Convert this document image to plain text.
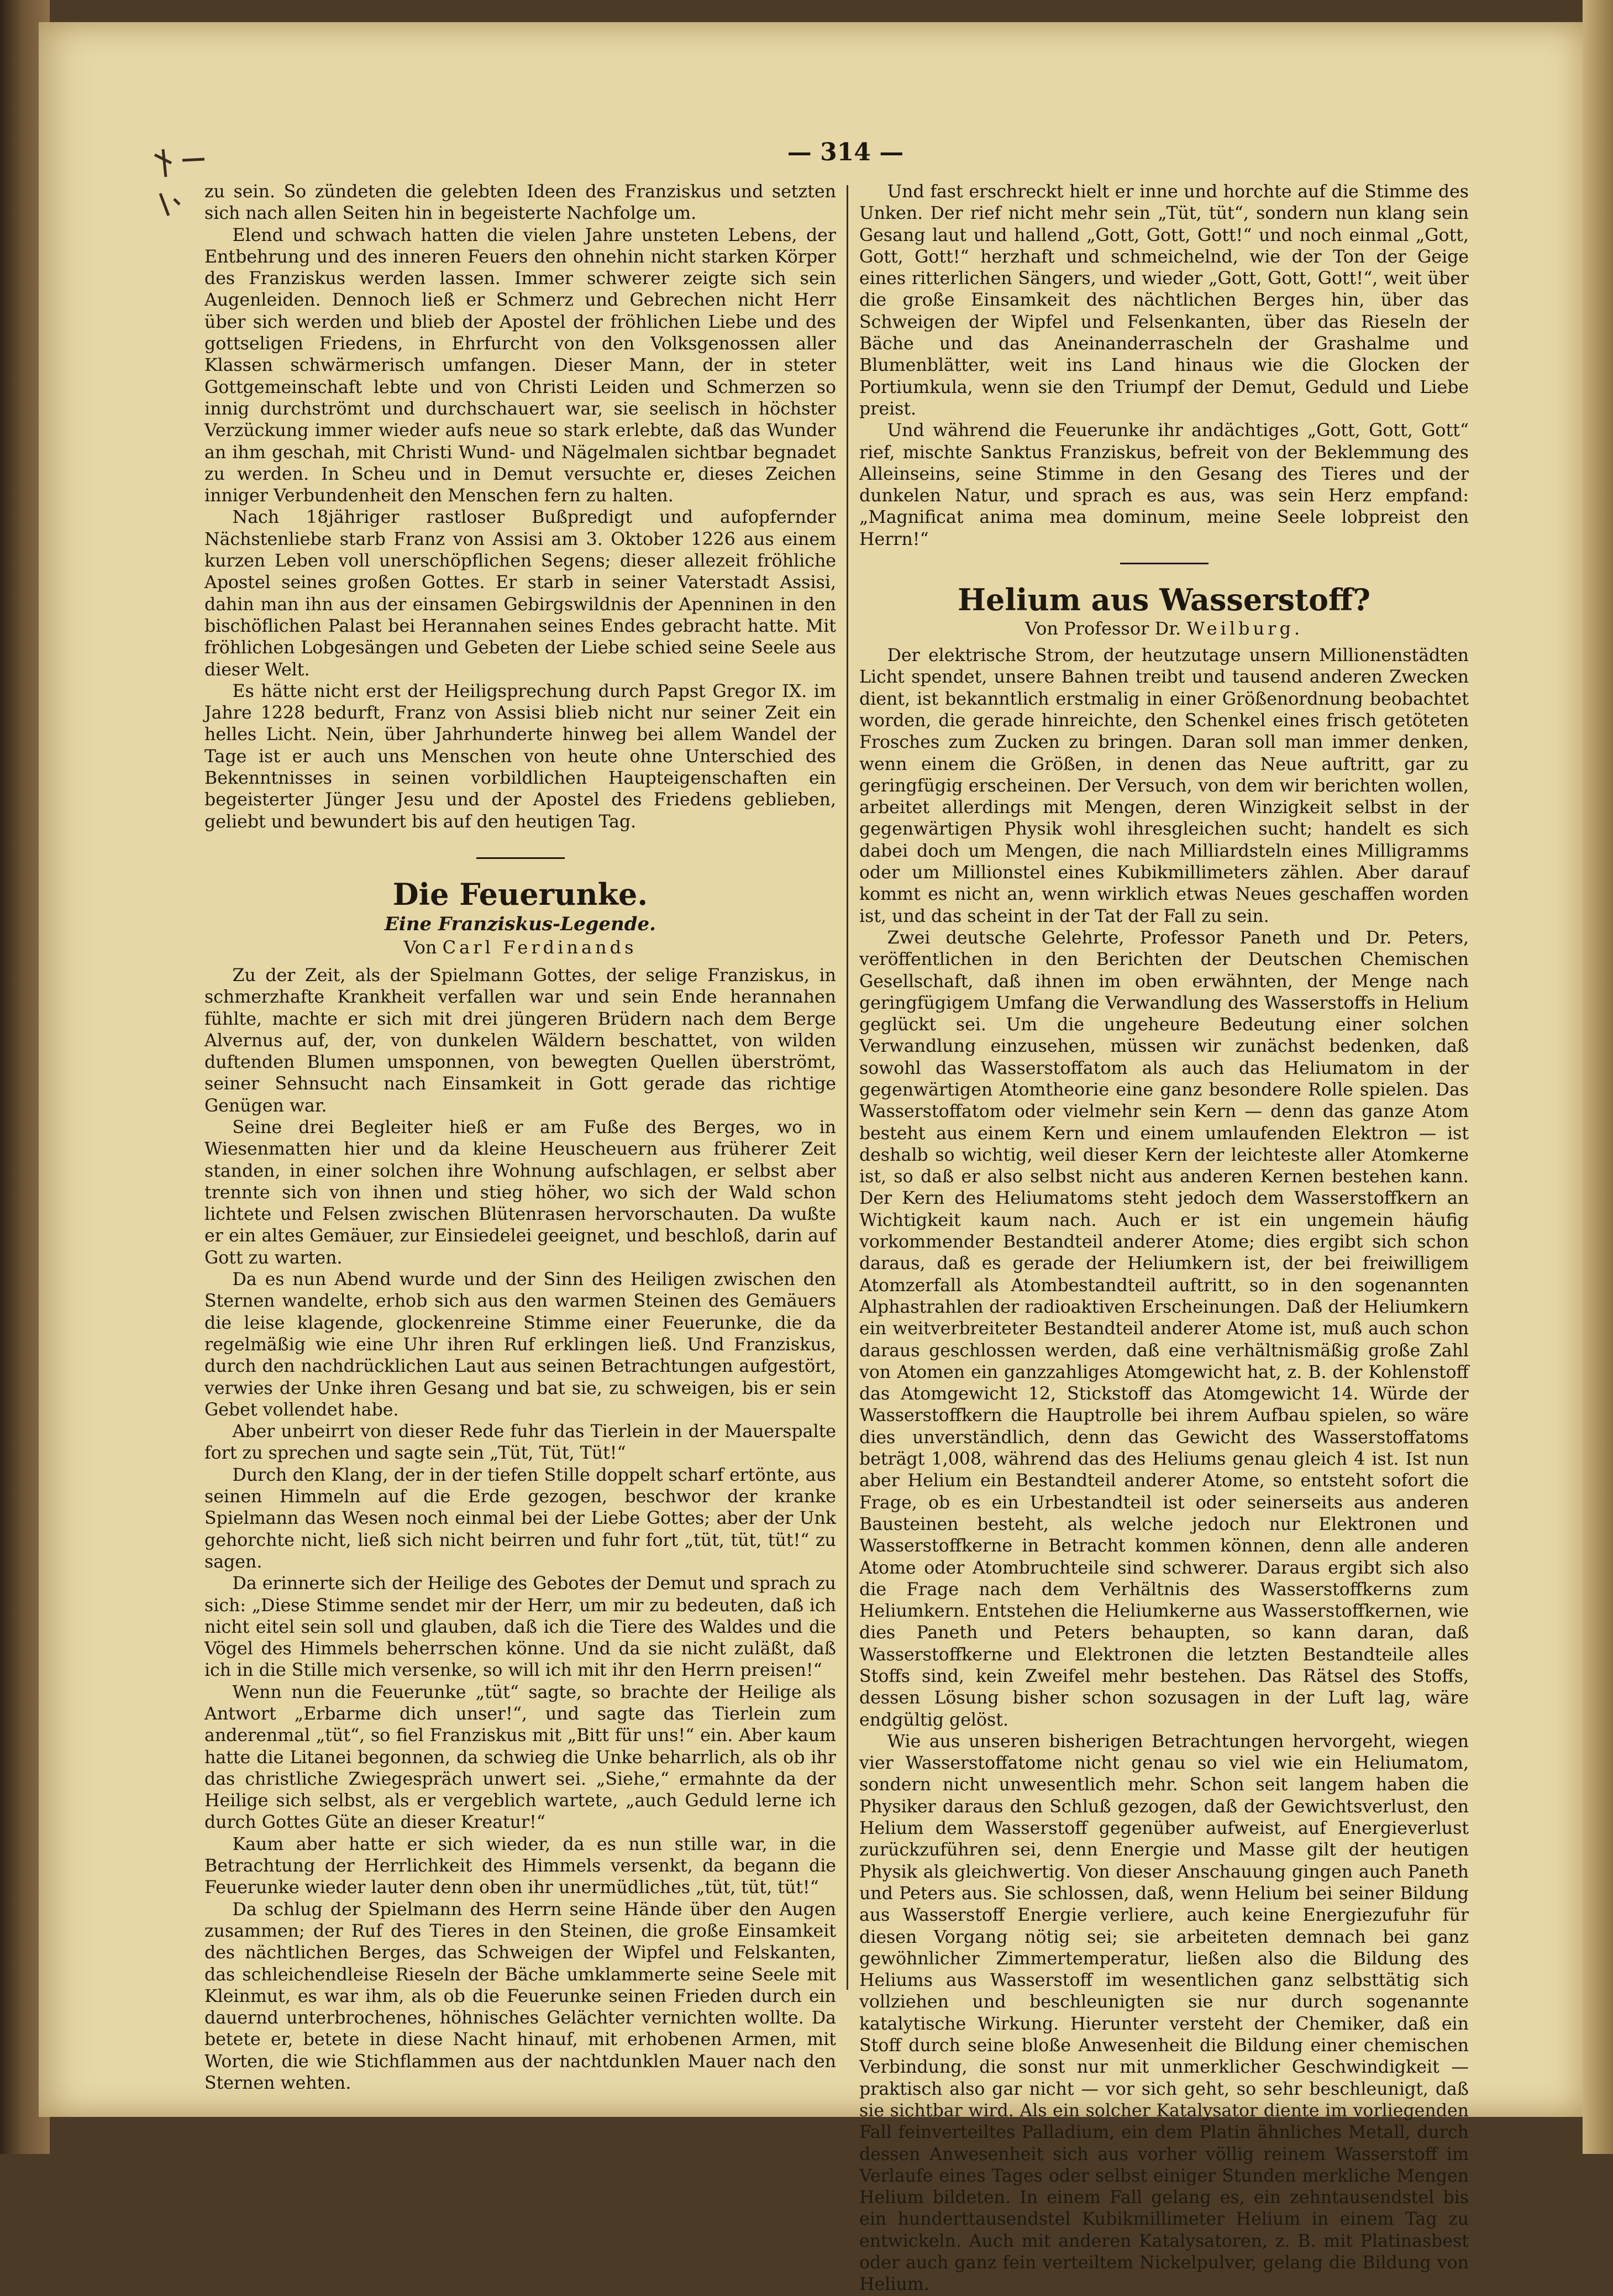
— 314 —

zu sein. So zündeten die gelebten Ideen des Franziskus und setzten sich nach allen Seiten hin in begeisterte Nachfolge um.

Elend und schwach hatten die vielen Jahre unsteten Lebens, der Entbehrung und des inneren Feuers den ohnehin nicht starken Körper des Franziskus werden lassen. Immer schwerer zeigte sich sein Augenleiden. Dennoch ließ er Schmerz und Gebrechen nicht Herr über sich werden und blieb der Apostel der fröhlichen Liebe und des gottseligen Friedens, in Ehrfurcht von den Volksgenossen aller Klassen schwärmerisch umfangen. Dieser Mann, der in steter Gottgemeinschaft lebte und von Christi Leiden und Schmerzen so innig durchströmt und durchschauert war, sie seelisch in höchster Verzückung immer wieder aufs neue so stark erlebte, daß das Wunder an ihm geschah, mit Christi Wund- und Nägelmalen sichtbar begnadet zu werden. In Scheu und in Demut versuchte er, dieses Zeichen inniger Verbundenheit den Menschen fern zu halten.

Nach 18jähriger rastloser Bußpredigt und aufopfernder Nächstenliebe starb Franz von Assisi am 3. Oktober 1226 aus einem kurzen Leben voll unerschöpflichen Segens; dieser allezeit fröhliche Apostel seines großen Gottes. Er starb in seiner Vaterstadt Assisi, dahin man ihn aus der einsamen Gebirgswildnis der Apenninen in den bischöflichen Palast bei Herannahen seines Endes gebracht hatte. Mit fröhlichen Lobgesängen und Gebeten der Liebe schied seine Seele aus dieser Welt.

Es hätte nicht erst der Heiligsprechung durch Papst Gregor IX. im Jahre 1228 bedurft, Franz von Assisi blieb nicht nur seiner Zeit ein helles Licht. Nein, über Jahrhunderte hinweg bei allem Wandel der Tage ist er auch uns Menschen von heute ohne Unterschied des Bekenntnisses in seinen vorbildlichen Haupteigenschaften ein begeisterter Jünger Jesu und der Apostel des Friedens geblieben, geliebt und bewundert bis auf den heutigen Tag.

Die Feuerunke.
Eine Franziskus-Legende.
Von Carl Ferdinands

Zu der Zeit, als der Spielmann Gottes, der selige Franziskus, in schmerzhafte Krankheit verfallen war und sein Ende herannahen fühlte, machte er sich mit drei jüngeren Brüdern nach dem Berge Alvernus auf, der, von dunkelen Wäldern beschattet, von wilden duftenden Blumen umsponnen, von bewegten Quellen überströmt, seiner Sehnsucht nach Einsamkeit in Gott gerade das richtige Genügen war.

Seine drei Begleiter hieß er am Fuße des Berges, wo in Wiesenmatten hier und da kleine Heuscheuern aus früherer Zeit standen, in einer solchen ihre Wohnung aufschlagen, er selbst aber trennte sich von ihnen und stieg höher, wo sich der Wald schon lichtete und Felsen zwischen Blütenrasen hervorschauten. Da wußte er ein altes Gemäuer, zur Einsiedelei geeignet, und beschloß, darin auf Gott zu warten.

Da es nun Abend wurde und der Sinn des Heiligen zwischen den Sternen wandelte, erhob sich aus den warmen Steinen des Gemäuers die leise klagende, glockenreine Stimme einer Feuerunke, die da regelmäßig wie eine Uhr ihren Ruf erklingen ließ. Und Franziskus, durch den nachdrücklichen Laut aus seinen Betrachtungen aufgestört, verwies der Unke ihren Gesang und bat sie, zu schweigen, bis er sein Gebet vollendet habe.

Aber unbeirrt von dieser Rede fuhr das Tierlein in der Mauerspalte fort zu sprechen und sagte sein „Tüt, Tüt, Tüt!“

Durch den Klang, der in der tiefen Stille doppelt scharf ertönte, aus seinen Himmeln auf die Erde gezogen, beschwor der kranke Spielmann das Wesen noch einmal bei der Liebe Gottes; aber der Unk gehorchte nicht, ließ sich nicht beirren und fuhr fort „tüt, tüt, tüt!“ zu sagen.

Da erinnerte sich der Heilige des Gebotes der Demut und sprach zu sich: „Diese Stimme sendet mir der Herr, um mir zu bedeuten, daß ich nicht eitel sein soll und glauben, daß ich die Tiere des Waldes und die Vögel des Himmels beherrschen könne. Und da sie nicht zuläßt, daß ich in die Stille mich versenke, so will ich mit ihr den Herrn preisen!“

Wenn nun die Feuerunke „tüt“ sagte, so brachte der Heilige als Antwort „Erbarme dich unser!“, und sagte das Tierlein zum anderenmal „tüt“, so fiel Franziskus mit „Bitt für uns!“ ein. Aber kaum hatte die Litanei begonnen, da schwieg die Unke beharrlich, als ob ihr das christliche Zwiegespräch unwert sei. „Siehe,“ ermahnte da der Heilige sich selbst, als er vergeblich wartete, „auch Geduld lerne ich durch Gottes Güte an dieser Kreatur!“

Kaum aber hatte er sich wieder, da es nun stille war, in die Betrachtung der Herrlichkeit des Himmels versenkt, da begann die Feuerunke wieder lauter denn oben ihr unermüdliches „tüt, tüt, tüt!“

Da schlug der Spielmann des Herrn seine Hände über den Augen zusammen; der Ruf des Tieres in den Steinen, die große Einsamkeit des nächtlichen Berges, das Schweigen der Wipfel und Felskanten, das schleichendleise Rieseln der Bäche umklammerte seine Seele mit Kleinmut, es war ihm, als ob die Feuerunke seinen Frieden durch ein dauernd unterbrochenes, höhnisches Gelächter vernichten wollte. Da betete er, betete in diese Nacht hinauf, mit erhobenen Armen, mit Worten, die wie Stichflammen aus der nachtdunklen Mauer nach den Sternen wehten.

Und fast erschreckt hielt er inne und horchte auf die Stimme des Unken. Der rief nicht mehr sein „Tüt, tüt“, sondern nun klang sein Gesang laut und hallend „Gott, Gott, Gott!“ und noch einmal „Gott, Gott, Gott!“ herzhaft und schmeichelnd, wie der Ton der Geige eines ritterlichen Sängers, und wieder „Gott, Gott, Gott!“, weit über die große Einsamkeit des nächtlichen Berges hin, über das Schweigen der Wipfel und Felsenkanten, über das Rieseln der Bäche und das Aneinanderrascheln der Grashalme und Blumenblätter, weit ins Land hinaus wie die Glocken der Portiumkula, wenn sie den Triumpf der Demut, Geduld und Liebe preist.

Und während die Feuerunke ihr andächtiges „Gott, Gott, Gott“ rief, mischte Sanktus Franziskus, befreit von der Beklemmung des Alleinseins, seine Stimme in den Gesang des Tieres und der dunkelen Natur, und sprach es aus, was sein Herz empfand: „Magnificat anima mea dominum, meine Seele lobpreist den Herrn!“

Helium aus Wasserstoff?
Von Professor Dr. Weilburg.

Der elektrische Strom, der heutzutage unsern Millionenstädten Licht spendet, unsere Bahnen treibt und tausend anderen Zwecken dient, ist bekanntlich erstmalig in einer Größenordnung beobachtet worden, die gerade hinreichte, den Schenkel eines frisch getöteten Frosches zum Zucken zu bringen. Daran soll man immer denken, wenn einem die Größen, in denen das Neue auftritt, gar zu geringfügig erscheinen. Der Versuch, von dem wir berichten wollen, arbeitet allerdings mit Mengen, deren Winzigkeit selbst in der gegenwärtigen Physik wohl ihresgleichen sucht; handelt es sich dabei doch um Mengen, die nach Milliardsteln eines Milligramms oder um Millionstel eines Kubikmillimeters zählen. Aber darauf kommt es nicht an, wenn wirklich etwas Neues geschaffen worden ist, und das scheint in der Tat der Fall zu sein.

Zwei deutsche Gelehrte, Professor Paneth und Dr. Peters, veröffentlichen in den Berichten der Deutschen Chemischen Gesellschaft, daß ihnen im oben erwähnten, der Menge nach geringfügigem Umfang die Verwandlung des Wasserstoffs in Helium geglückt sei. Um die ungeheure Bedeutung einer solchen Verwandlung einzusehen, müssen wir zunächst bedenken, daß sowohl das Wasserstoffatom als auch das Heliumatom in der gegenwärtigen Atomtheorie eine ganz besondere Rolle spielen. Das Wasserstoffatom oder vielmehr sein Kern — denn das ganze Atom besteht aus einem Kern und einem umlaufenden Elektron — ist deshalb so wichtig, weil dieser Kern der leichteste aller Atomkerne ist, so daß er also selbst nicht aus anderen Kernen bestehen kann. Der Kern des Heliumatoms steht jedoch dem Wasserstoffkern an Wichtigkeit kaum nach. Auch er ist ein ungemein häufig vorkommender Bestandteil anderer Atome; dies ergibt sich schon daraus, daß es gerade der Heliumkern ist, der bei freiwilligem Atomzerfall als Atombestandteil auftritt, so in den sogenannten Alphastrahlen der radioaktiven Erscheinungen. Daß der Heliumkern ein weitverbreiteter Bestandteil anderer Atome ist, muß auch schon daraus geschlossen werden, daß eine verhältnismäßig große Zahl von Atomen ein ganzzahliges Atomgewicht hat, z. B. der Kohlenstoff das Atomgewicht 12, Stickstoff das Atomgewicht 14. Würde der Wasserstoffkern die Hauptrolle bei ihrem Aufbau spielen, so wäre dies unverständlich, denn das Gewicht des Wasserstoffatoms beträgt 1,008, während das des Heliums genau gleich 4 ist. Ist nun aber Helium ein Bestandteil anderer Atome, so entsteht sofort die Frage, ob es ein Urbestandteil ist oder seinerseits aus anderen Bausteinen besteht, als welche jedoch nur Elektronen und Wasserstoffkerne in Betracht kommen können, denn alle anderen Atome oder Atombruchteile sind schwerer. Daraus ergibt sich also die Frage nach dem Verhältnis des Wasserstoffkerns zum Heliumkern. Entstehen die Heliumkerne aus Wasserstoffkernen, wie dies Paneth und Peters behaupten, so kann daran, daß Wasserstoffkerne und Elektronen die letzten Bestandteile alles Stoffs sind, kein Zweifel mehr bestehen. Das Rätsel des Stoffs, dessen Lösung bisher schon sozusagen in der Luft lag, wäre endgültig gelöst.

Wie aus unseren bisherigen Betrachtungen hervorgeht, wiegen vier Wasserstoffatome nicht genau so viel wie ein Heliumatom, sondern nicht unwesentlich mehr. Schon seit langem haben die Physiker daraus den Schluß gezogen, daß der Gewichtsverlust, den Helium dem Wasserstoff gegenüber aufweist, auf Energieverlust zurückzuführen sei, denn Energie und Masse gilt der heutigen Physik als gleichwertig. Von dieser Anschauung gingen auch Paneth und Peters aus. Sie schlossen, daß, wenn Helium bei seiner Bildung aus Wasserstoff Energie verliere, auch keine Energiezufuhr für diesen Vorgang nötig sei; sie arbeiteten demnach bei ganz gewöhnlicher Zimmertemperatur, ließen also die Bildung des Heliums aus Wasserstoff im wesentlichen ganz selbsttätig sich vollziehen und beschleunigten sie nur durch sogenannte katalytische Wirkung. Hierunter versteht der Chemiker, daß ein Stoff durch seine bloße Anwesenheit die Bildung einer chemischen Verbindung, die sonst nur mit unmerklicher Geschwindigkeit — praktisch also gar nicht — vor sich geht, so sehr beschleunigt, daß sie sichtbar wird. Als ein solcher Katalysator diente im vorliegenden Fall feinverteiltes Palladium, ein dem Platin ähnliches Metall, durch dessen Anwesenheit sich aus vorher völlig reinem Wasserstoff im Verlaufe eines Tages oder selbst einiger Stunden merkliche Mengen Helium bildeten. In einem Fall gelang es, ein zehntausendstel bis ein hunderttausendstel Kubikmillimeter Helium in einem Tag zu entwickeln. Auch mit anderen Katalysatoren, z. B. mit Platinasbest oder auch ganz fein verteiltem Nickelpulver, gelang die Bildung von Helium.
